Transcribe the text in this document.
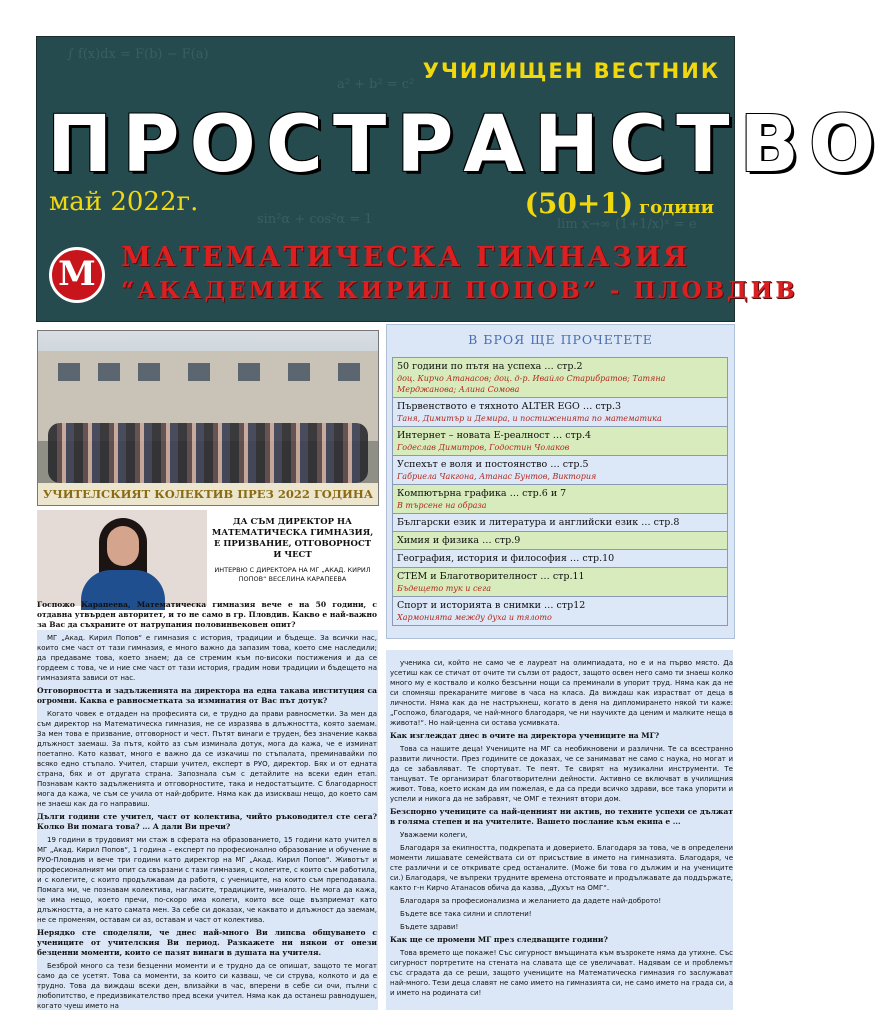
∫ f(x)dx = F(b) − F(a)
a² + b² = c²
lim x→∞ (1+1/x)ˣ = e
sin²α + cos²α = 1
УЧИЛИЩЕН ВЕСТНИК
ПРОСТРАНСТВО
май 2022г.	(50+1) години
М МАТЕМАТИЧЕСКА ГИМНАЗИЯ
“АКАДЕМИК КИРИЛ ПОПОВ” - ПЛОВДИВ
УЧИТЕЛСКИЯТ КОЛЕКТИВ ПРЕЗ 2022 ГОДИНА
ДА СЪМ ДИРЕКТОР НА МАТЕМАТИЧЕСКА ГИМНАЗИЯ, Е ПРИЗВАНИЕ, ОТГОВОРНОСТ И ЧЕСТ
ИНТЕРВЮ С ДИРЕКТОРА НА МГ „АКАД. КИРИЛ ПОПОВ“ ВЕСЕЛИНА КАРАПЕЕВА

Госпожо Карапеева, Математическа гимназия вече е на 50 години, с отдавна утвърден авторитет, и то не само в гр. Пловдив. Какво е най-важно за Вас да съхраните от натрупания половинвековен опит?

МГ „Акад. Кирил Попов“ е гимназия с история, традиции и бъдеще. За всички нас, които сме част от тази гимназия, е много важно да запазим това, което сме наследили; да предаваме това, което знаем; да се стремим към по-високи постижения и да се гордеем с това, че и ние сме част от тази история, градим нови традиции и бъдещето на гимназията зависи от нас.

Отговорността и задълженията на директора на една такава институция са огромни. Каква е равносметката за изминатия от Вас път дотук?

Когато човек е отдаден на професията си, е трудно да прави равносметки. За мен да съм директор на Математическа гимназия, не се изразява в длъжността, която заемам. За мен това е призвание, отговорност и чест. Пътят винаги е труден, без значение каква длъжност заемаш. За пътя, който аз съм изминала дотук, мога да кажа, че е изминат поетапно. Като казват, много е важно да се изкачиш по стъпалата, преминавайки по всяко едно стъпало. Учител, старши учител, експерт в РУО, директор. Бях и от едната страна, бях и от другата страна. Запознала съм с детайлите на всеки един етап. Познавам както задълженията и отговорностите, така и недостатъците. С благодарност мога да кажа, че съм се учила от най-добрите. Няма как да изискваш нещо, до което сам не знаеш как да го направиш.

Дълги години сте учител, част от колектива, чийто ръководител сте сега? Колко Ви помага това? ... А дали Ви пречи?

19 години в трудовият ми стаж в сферата на образованието, 15 години като учител в МГ „Акад. Кирил Попов“, 1 година – експерт по професионално образование и обучение в РУО-Пловдив и вече три години като директор на МГ „Акад. Кирил Попов“. Животът и професионалният ми опит са свързани с тази гимназия, с колегите, с които съм работила, и с колегите, с които продължавам да работя, с учениците, на които съм преподавала. Помага ми, че познавам колектива, нагласите, традициите, миналото. Не мога да кажа, че има нещо, което пречи, по-скоро има колеги, които все още възприемат като длъжността, а не като самата мен. За себе си доказах, че каквато и длъжност да заемам, не се променям, оставам си аз, оставам и част от колектива.

Нерядко сте споделяли, че днес най-много Ви липсва общуването с учениците от учителския Ви период. Разкажете ни някои от онези безценни моменти, които се пазят винаги в душата на учителя.

Безброй много са тези безценни моменти и е трудно да се опишат, защото те могат само да се усетят. Това са моменти, за които си казваш, че си струва, колкото и да е трудно. Това да виждаш всеки ден, влизайки в час, вперени в себе си очи, пълни с любопитство, е предизвикателство пред всеки учител. Няма как да останеш равнодушен, когато чуеш името на

В БРОЯ ЩЕ ПРОЧЕТЕТЕ
50 години по пътя на успеха … стр.2
доц. Кирчо Атанасов; доц. д-р. Ивайло Старибратов; Татяна Мерджанова; Алина Сомова
Първенството е тяхното ALTER EGO … стр.3
Таня, Димитър и Демира, и постиженията по математика
Интернет – новата Е-реалност … стр.4
Годеслав Димитров, Годостин Чолаков
Успехът е воля и постоянство … стр.5
Габриела Чакгона, Атанас Бунтов, Виктория
Компютърна графика … стр.6 и 7
В търсене на образа
Български език и литература и английски език … стр.8
Химия и физика … стр.9
География, история и философия … стр.10
СТЕМ и Благотворителност … стр.11
Бъдещето тук и сега
Спорт и историята в снимки … стр12
Хармонията между духа и тялото

ученика си, който не само че е лауреат на олимпиадата, но е и на първо място. Да усетиш как се стичат от очите ти сълзи от радост, защото освен него само ти знаеш колко много му е коствало и колко безсънни нощи са преминали в упорит труд. Няма как да не си спомняш прекараните мигове в часа на класа. Да виждаш как израстват от деца в личности. Няма как да не настръхнеш, когато в деня на дипломирането някой ти каже: „Госпожо, благодаря, че най-много благодаря, че ни научихте да ценим и малките неща в живота!“. Но най-ценна си остава усмивката.

Как изглеждат днес в очите на директора учениците на МГ?

Това са нашите деца! Учениците на МГ са необикновени и различни. Те са всестранно развити личности. През годините се доказах, че се занимават не само с наука, но могат и да се забавляват. Те спортуват. Те пеят. Те свирят на музикални инструменти. Те танцуват. Те организират благотворителни дейности. Активно се включват в училищния живот. Това, което искам да им пожелая, е да са преди всичко здрави, все така упорити и успели и никога да не забравят, че ОМГ е техният втори дом.

Безспорно учениците са най-ценният ни актив, но техните успехи се дължат в голяма степен и на учителите. Вашето послание към екипа е ...

Уважаеми колеги,

Благодаря за екипността, подкрепата и доверието. Благодаря за това, че в определени моменти лишавате семействата си от присъствие в името на гимназията. Благодаря, че сте различни и се откривате сред останалите. (Може би това го дължим и на учениците си.) Благодаря, че въпреки трудните времена отстоявате и продължавате да поддържате, както г-н Кирчо Атанасов обича да казва, „Духът на ОМГ“.

Благодаря за професионализма и желанието да дадете най-доброто!

Бъдете все така силни и сплотени!

Бъдете здрави!

Как ще се промени МГ през следващите години?

Това времето ще покаже! Със сигурност вмъщината към възрокете няма да утихне. Със сигурност портретите на стената на славата ще се увеличават. Надявам се и проблемът със сградата да се реши, защото учениците на Математическа гимназия го заслужават най-много. Тези деца славят не само името на гимназията си, не само името на града си, а и името на родината си!
